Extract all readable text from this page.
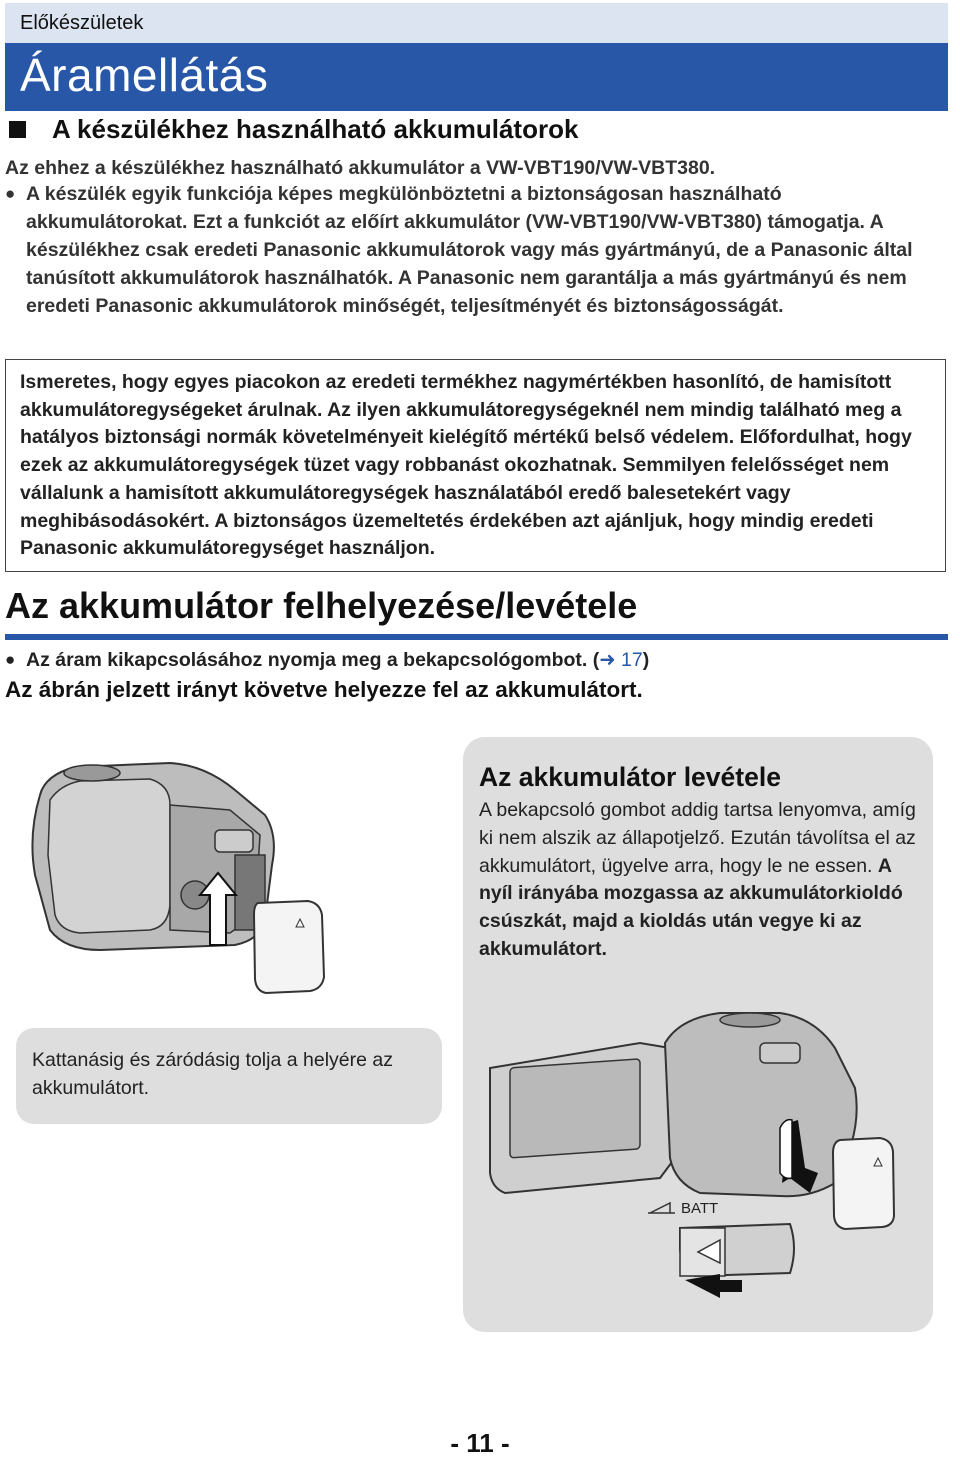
Előkészületek
Áramellátás
A készülékhez használható akkumulátorok
Az ehhez a készülékhez használható akkumulátor a VW-VBT190/VW-VBT380.
● A készülék egyik funkciója képes megkülönböztetni a biztonságosan használható akkumulátorokat. Ezt a funkciót az előírt akkumulátor (VW-VBT190/VW-VBT380) támogatja. A készülékhez csak eredeti Panasonic akkumulátorok vagy más gyártmányú, de a Panasonic által tanúsított akkumulátorok használhatók. A Panasonic nem garantálja a más gyártmányú és nem eredeti Panasonic akkumulátorok minőségét, teljesítményét és biztonságosságát.
Ismeretes, hogy egyes piacokon az eredeti termékhez nagymértékben hasonlító, de hamisított akkumulátoregységeket árulnak. Az ilyen akkumulátoregységeknél nem mindig található meg a hatályos biztonsági normák követelményeit kielégítő mértékű belső védelem. Előfordulhat, hogy ezek az akkumulátoregységek tüzet vagy robbanást okozhatnak. Semmilyen felelősséget nem vállalunk a hamisított akkumulátoregységek használatából eredő balesetekért vagy meghibásodásokért. A biztonságos üzemeltetés érdekében azt ajánljuk, hogy mindig eredeti Panasonic akkumulátoregységet használjon.
Az akkumulátor felhelyezése/levétele
● Az áram kikapcsolásához nyomja meg a bekapcsológombot. ( ➜ 17 )
Az ábrán jelzett irányt követve helyezze fel az akkumulátort.
Kattanásig és záródásig tolja a helyére az akkumulátort.
Az akkumulátor levétele
A bekapcsoló gombot addig tartsa lenyomva, amíg ki nem alszik az állapotjelző. Ezután távolítsa el az akkumulátort, ügyelve arra, hogy le ne essen. A nyíl irányába mozgassa az akkumulátorkioldó csúszkát, majd a kioldás után vegye ki az akkumulátort.
BATT
- 11 -
